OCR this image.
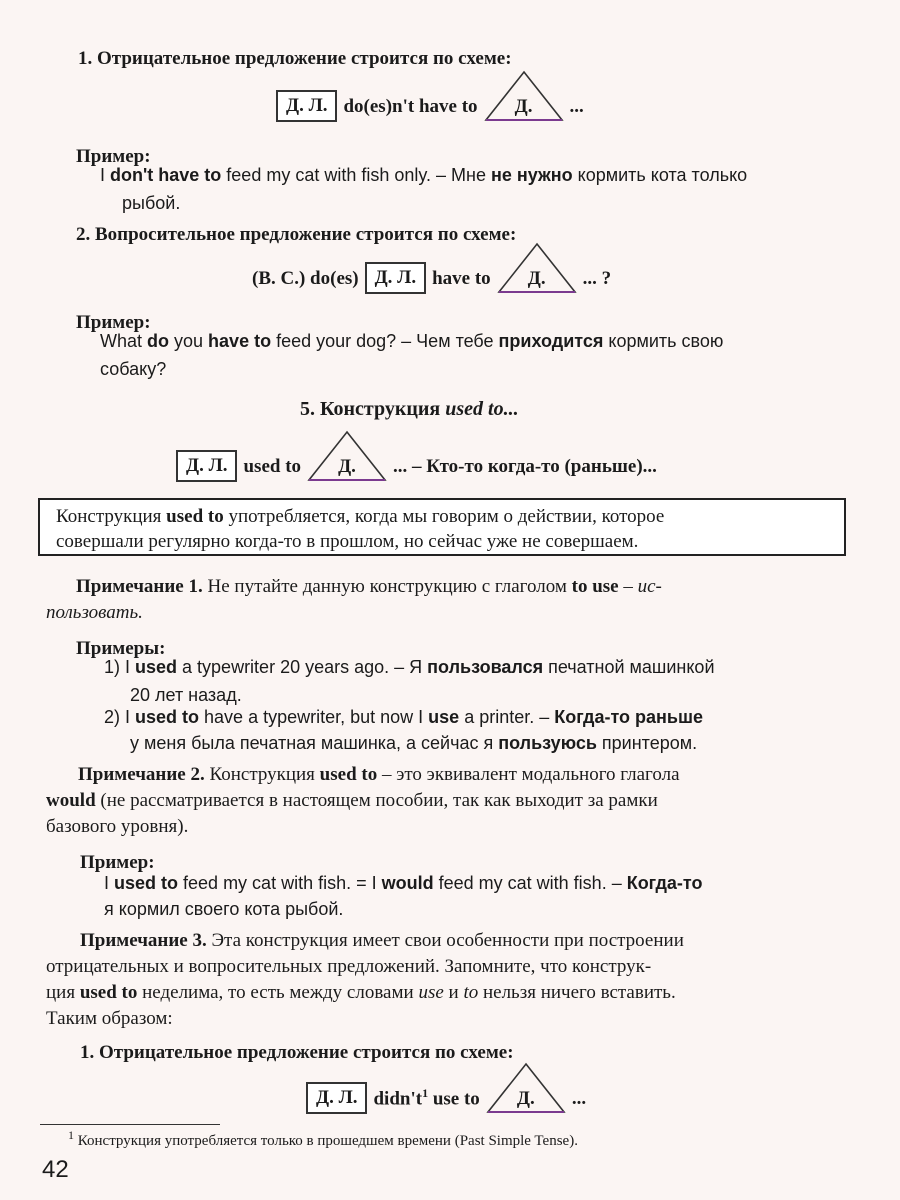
1. Отрицательное предложение строится по схеме:
Д. Л. do(es)n't have to	Д.	...
Пример:
I don't have to feed my cat with fish only. – Мне не нужно кормить кота только
рыбой.
2. Вопросительное предложение строится по схеме:
(В. С.) do(es) Д. Л. have to	Д.	... ?
Пример:
What do you have to feed your dog? – Чем тебе приходится кормить свою
собаку?
5. Конструкция used to...
Д. Л. used to	Д.	... – Кто-то когда-то (раньше)...
Конструкция used to употребляется, когда мы говорим о действии, которое
совершали регулярно когда-то в прошлом, но сейчас уже не совершаем.
Примечание 1. Не путайте данную конструкцию с глаголом to use – ис-
пользовать.
Примеры:
1) I used a typewriter 20 years ago. – Я пользовался печатной машинкой
20 лет назад.
2) I used to have a typewriter, but now I use a printer. – Когда-то раньше
у меня была печатная машинка, а сейчас я пользуюсь принтером.
Примечание 2. Конструкция used to – это эквивалент модального глагола
would (не рассматривается в настоящем пособии, так как выходит за рамки
базового уровня).
Пример:
I used to feed my cat with fish. = I would feed my cat with fish. – Когда-то
я кормил своего кота рыбой.
Примечание 3. Эта конструкция имеет свои особенности при построении
отрицательных и вопросительных предложений. Запомните, что конструк-
ция used to неделима, то есть между словами use и to нельзя ничего вставить.
Таким образом:
1. Отрицательное предложение строится по схеме:
Д. Л. $didn't^1$ use to	Д.	...
$^1$ Конструкция употребляется только в прошедшем времени (Past Simple Tense).
42
